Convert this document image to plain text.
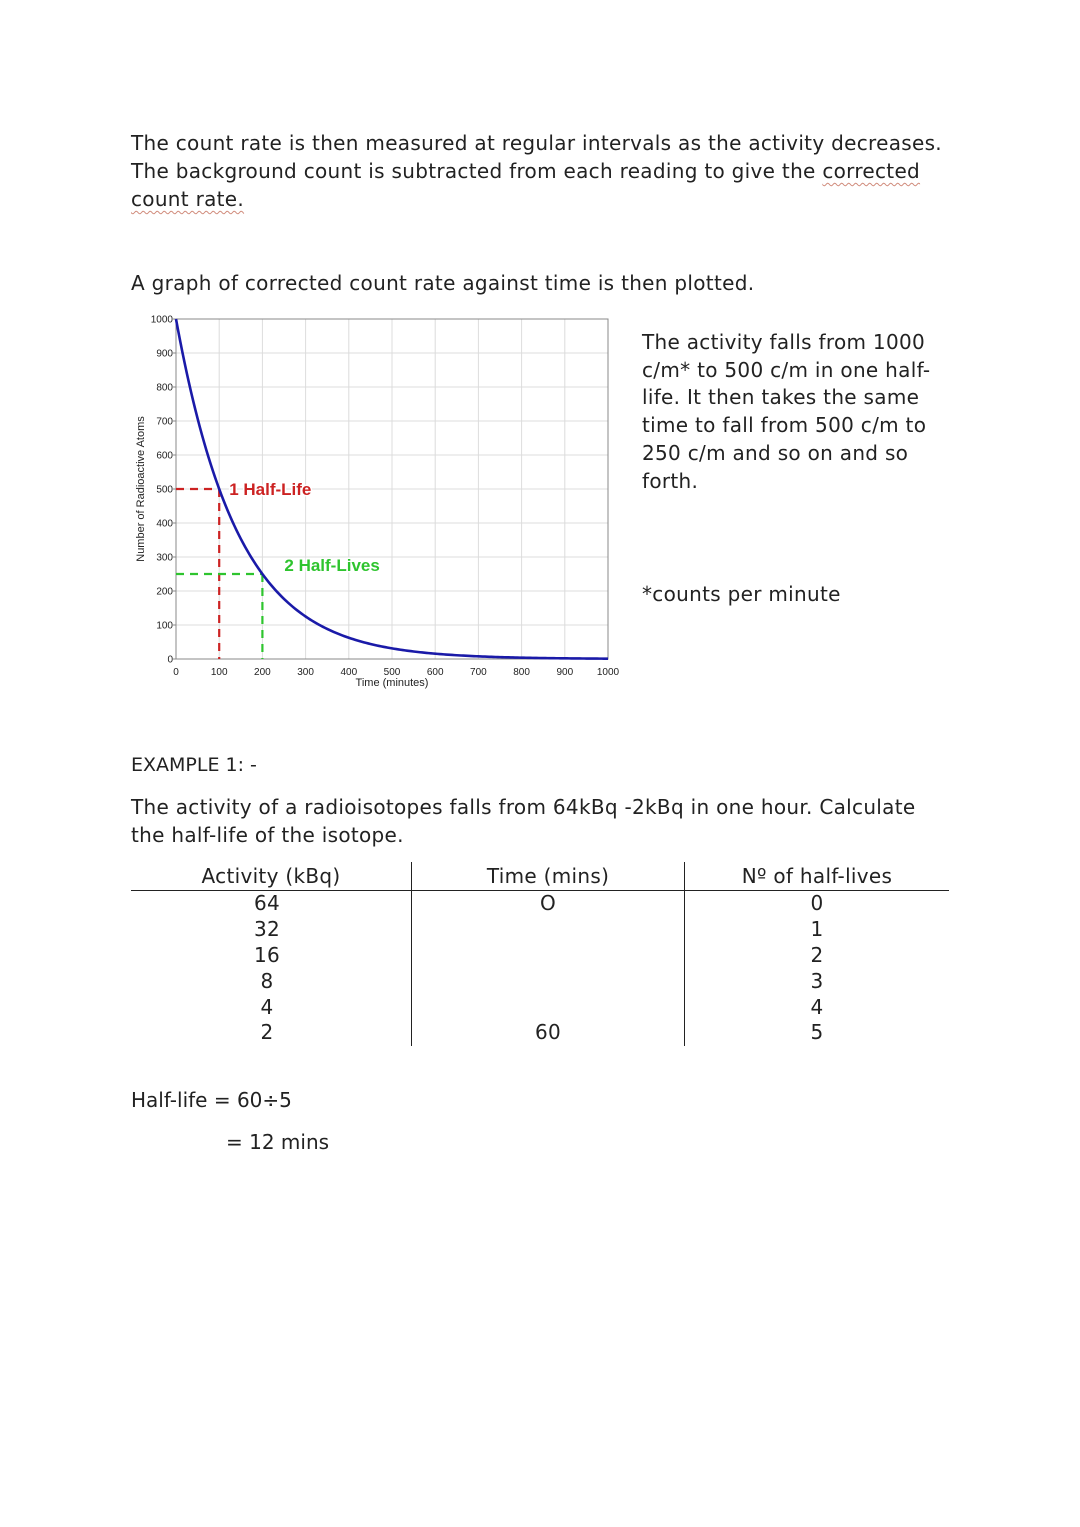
The count rate is then measured at regular intervals as the activity decreases. The background count is subtracted from each reading to give the corrected count rate.
A graph of corrected count rate against time is then plotted.
0	100	200	300	400	500	600	700	800	900 1000
0
100
200
300
400
500
600
700
800
900
1000
1 Half-Life
2 Half-Lives
Time (minutes)
Number of Radioactive Atoms
The activity falls from 1000 c/m* to 500 c/m in one half-life. It then takes the same time to fall from 500 c/m to 250 c/m and so on and so forth.
*counts per minute
EXAMPLE 1: -
The activity of a radioisotopes falls from 64kBq -2kBq in one hour. Calculate the half-life of the isotope.
Activity (kBq)	Time (mins)	Nº of half-lives
64	O	0
32		1
16		2
8		3
4		4
2	60	5
Half-life = 60÷5
= 12 mins
